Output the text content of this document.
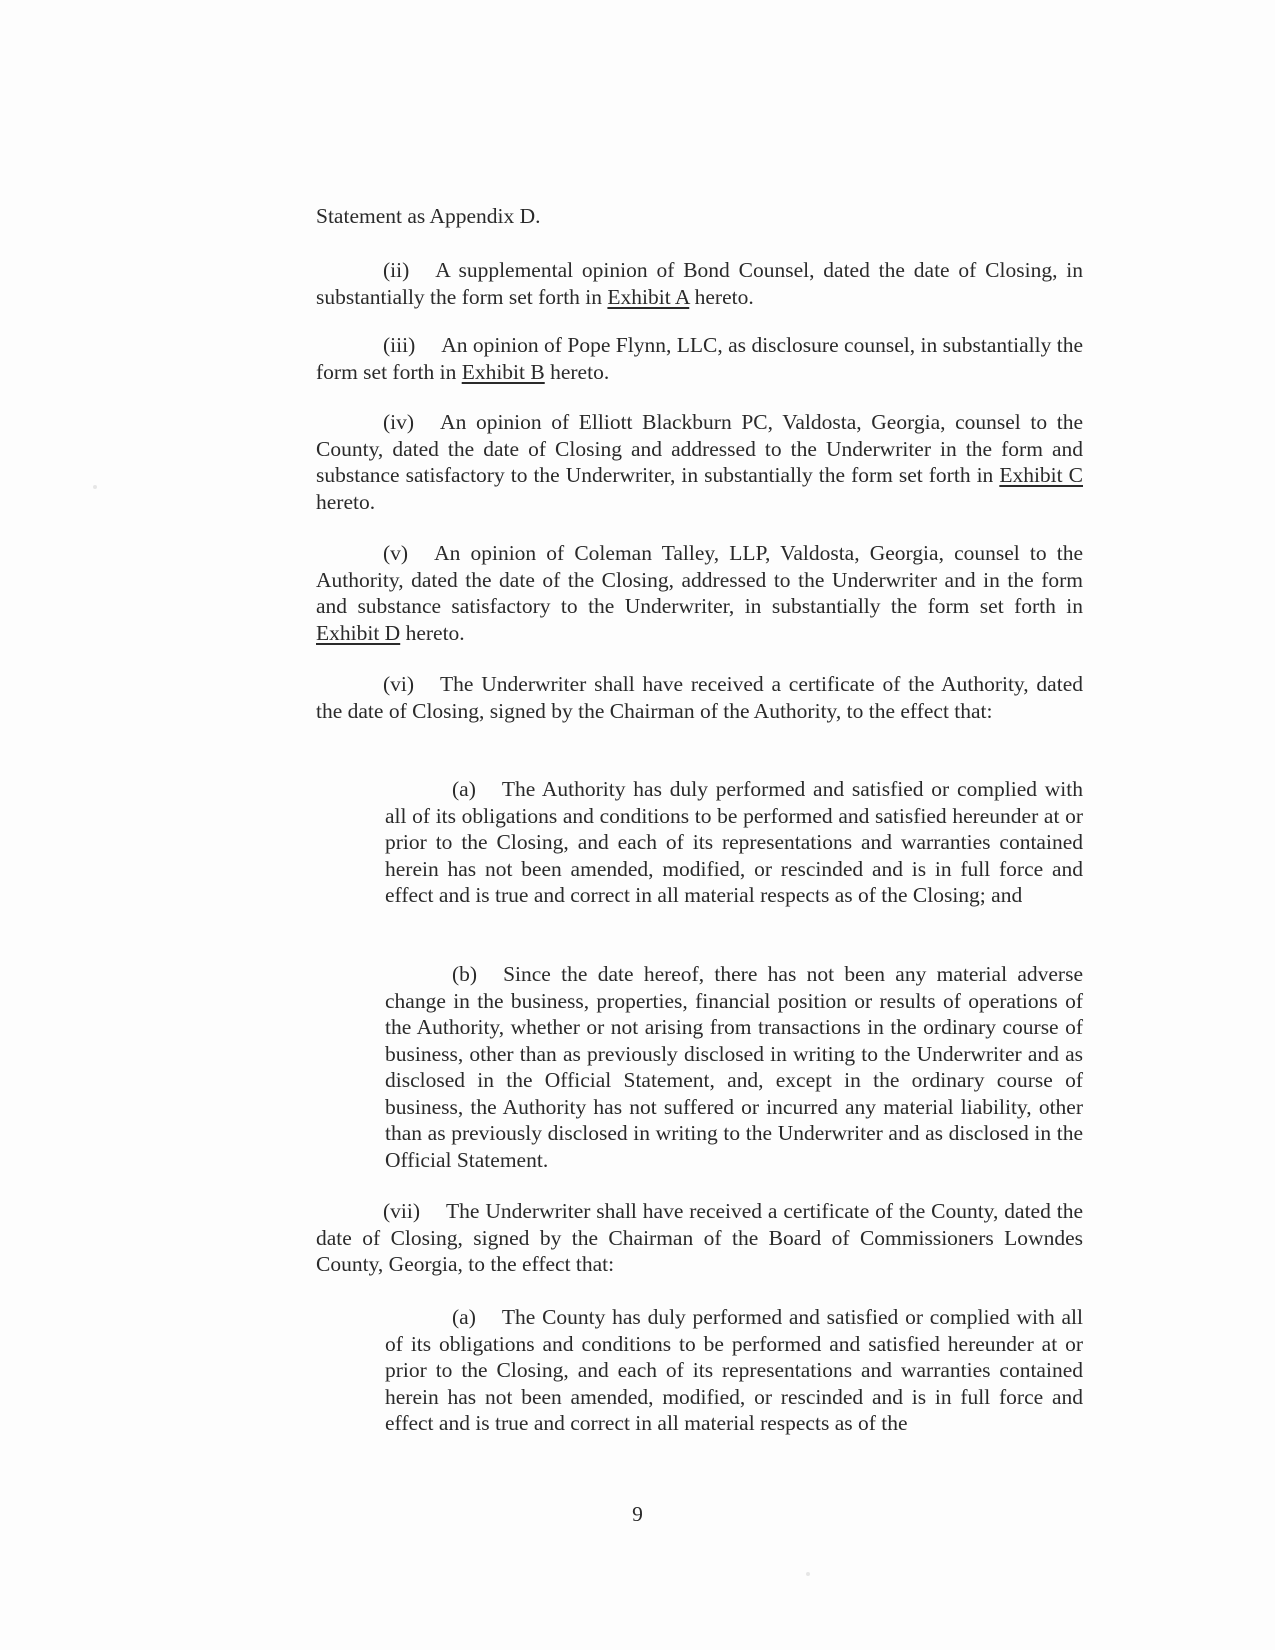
Statement as Appendix D.
(ii) A supplemental opinion of Bond Counsel, dated the date of Closing, in substantially the form set forth in Exhibit A hereto.
(iii) An opinion of Pope Flynn, LLC, as disclosure counsel, in substantially the form set forth in Exhibit B hereto.
(iv) An opinion of Elliott Blackburn PC, Valdosta, Georgia, counsel to the County, dated the date of Closing and addressed to the Underwriter in the form and substance satisfactory to the Underwriter, in substantially the form set forth in Exhibit C hereto.
(v) An opinion of Coleman Talley, LLP, Valdosta, Georgia, counsel to the Authority, dated the date of the Closing, addressed to the Underwriter and in the form and substance satisfactory to the Underwriter, in substantially the form set forth in Exhibit D hereto.
(vi) The Underwriter shall have received a certificate of the Authority, dated the date of Closing, signed by the Chairman of the Authority, to the effect that:
(a) The Authority has duly performed and satisfied or complied with all of its obligations and conditions to be performed and satisfied hereunder at or prior to the Closing, and each of its representations and warranties contained herein has not been amended, modified, or rescinded and is in full force and effect and is true and correct in all material respects as of the Closing; and
(b) Since the date hereof, there has not been any material adverse change in the business, properties, financial position or results of operations of the Authority, whether or not arising from transactions in the ordinary course of business, other than as previously disclosed in writing to the Underwriter and as disclosed in the Official Statement, and, except in the ordinary course of business, the Authority has not suffered or incurred any material liability, other than as previously disclosed in writing to the Underwriter and as disclosed in the Official Statement.
(vii) The Underwriter shall have received a certificate of the County, dated the date of Closing, signed by the Chairman of the Board of Commissioners Lowndes County, Georgia, to the effect that:
(a) The County has duly performed and satisfied or complied with all of its obligations and conditions to be performed and satisfied hereunder at or prior to the Closing, and each of its representations and warranties contained herein has not been amended, modified, or rescinded and is in full force and effect and is true and correct in all material respects as of the
9
